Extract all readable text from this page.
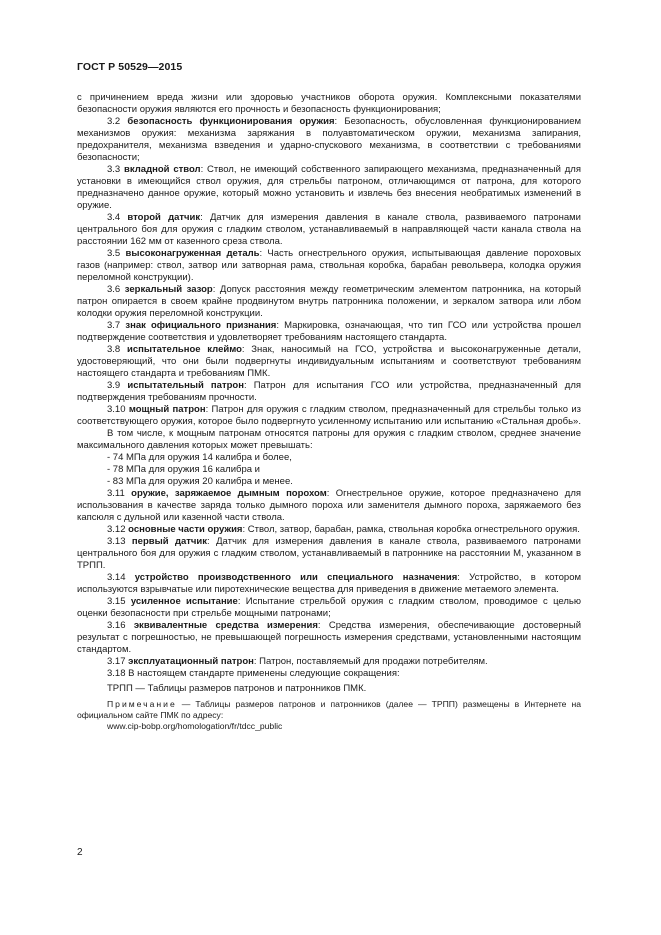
ГОСТ Р 50529—2015

с причинением вреда жизни или здоровью участников оборота оружия. Комплексными показателями безопасности оружия являются его прочность и безопасность функционирования;

3.2 безопасность функционирования оружия: Безопасность, обусловленная функционированием механизмов оружия: механизма заряжания в полуавтоматическом оружии, механизма запирания, предохранителя, механизма взведения и ударно-спускового механизма, в соответствии с требованиями безопасности;

3.3 вкладной ствол: Ствол, не имеющий собственного запирающего механизма, предназначенный для установки в имеющийся ствол оружия, для стрельбы патроном, отличающимся от патрона, для которого предназначено данное оружие, который можно установить и извлечь без внесения необратимых изменений в оружие.

3.4 второй датчик: Датчик для измерения давления в канале ствола, развиваемого патронами центрального боя для оружия с гладким стволом, устанавливаемый в направляющей части канала ствола на расстоянии 162 мм от казенного среза ствола.

3.5 высоконагруженная деталь: Часть огнестрельного оружия, испытывающая давление пороховых газов (например: ствол, затвор или затворная рама, ствольная коробка, барабан револьвера, колодка оружия переломной конструкции).

3.6 зеркальный зазор: Допуск расстояния между геометрическим элементом патронника, на который патрон опирается в своем крайне продвинутом внутрь патронника положении, и зеркалом затвора или лбом колодки оружия переломной конструкции.

3.7 знак официального признания: Маркировка, означающая, что тип ГСО или устройства прошел подтверждение соответствия и удовлетворяет требованиям настоящего стандарта.

3.8 испытательное клеймо: Знак, наносимый на ГСО, устройства и высоконагруженные детали, удостоверяющий, что они были подвергнуты индивидуальным испытаниям и соответствуют требованиям настоящего стандарта и требованиям ПМК.

3.9 испытательный патрон: Патрон для испытания ГСО или устройства, предназначенный для подтверждения требованиям прочности.

3.10 мощный патрон: Патрон для оружия с гладким стволом, предназначенный для стрельбы только из соответствующего оружия, которое было подвергнуто усиленному испытанию или испытанию «Стальная дробь».

В том числе, к мощным патронам относятся патроны для оружия с гладким стволом, среднее значение максимального давления которых может превышать:

- 74 МПа для оружия 14 калибра и более,

- 78 МПа для оружия 16 калибра и

- 83 МПа для оружия 20 калибра и менее.

3.11 оружие, заряжаемое дымным порохом: Огнестрельное оружие, которое предназначено для использования в качестве заряда только дымного пороха или заменителя дымного пороха, заряжаемого без капсюля с дульной или казенной части ствола.

3.12 основные части оружия: Ствол, затвор, барабан, рамка, ствольная коробка огнестрельного оружия.

3.13 первый датчик: Датчик для измерения давления в канале ствола, развиваемого патронами центрального боя для оружия с гладким стволом, устанавливаемый в патроннике на расстоянии M, указанном в ТРПП.

3.14 устройство производственного или специального назначения: Устройство, в котором используются взрывчатые или пиротехнические вещества для приведения в движение метаемого элемента.

3.15 усиленное испытание: Испытание стрельбой оружия с гладким стволом, проводимое с целью оценки безопасности при стрельбе мощными патронами;

3.16 эквивалентные средства измерения: Средства измерения, обеспечивающие достоверный результат с погрешностью, не превышающей погрешность измерения средствами, установленными настоящим стандартом.

3.17 эксплуатационный патрон: Патрон, поставляемый для продажи потребителям.

3.18 В настоящем стандарте применены следующие сокращения:

ТРПП — Таблицы размеров патронов и патронников ПМК.

Примечание — Таблицы размеров патронов и патронников (далее — ТРПП) размещены в Интернете на официальном сайте ПМК по адресу:

www.cip-bobp.org/homologation/fr/tdcc_public

2
